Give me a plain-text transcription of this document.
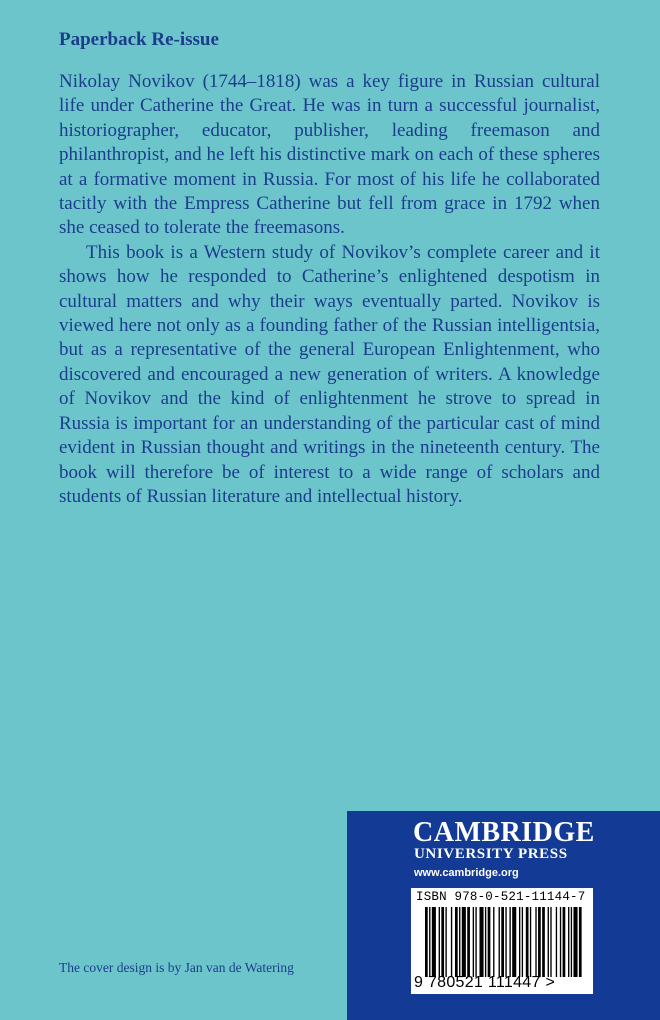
Paperback Re-issue

Nikolay Novikov (1744–1818) was a key figure in Russian cultural life under Catherine the Great. He was in turn a successful journalist, historiographer, educator, publisher, leading freemason and philanthropist, and he left his distinctive mark on each of these spheres at a formative moment in Russia. For most of his life he collaborated tacitly with the Empress Catherine but fell from grace in 1792 when she ceased to tolerate the freemasons.

This book is a Western study of Novikov’s complete career and it shows how he responded to Catherine’s enlightened despotism in cultural matters and why their ways eventually parted. Novikov is viewed here not only as a founding father of the Russian intelligentsia, but as a representative of the general European Enlightenment, who discovered and encouraged a new generation of writers. A knowledge of Novikov and the kind of enlightenment he strove to spread in Russia is important for an understanding of the particular cast of mind evident in Russian thought and writings in the nineteenth century. The book will therefore be of interest to a wide range of scholars and students of Russian literature and intellectual history.

The cover design is by Jan van de Watering
CAMBRIDGE
UNIVERSITY PRESS
www.cambridge.org
ISBN 978-0-521-11144-7
9 780521 111447 >
